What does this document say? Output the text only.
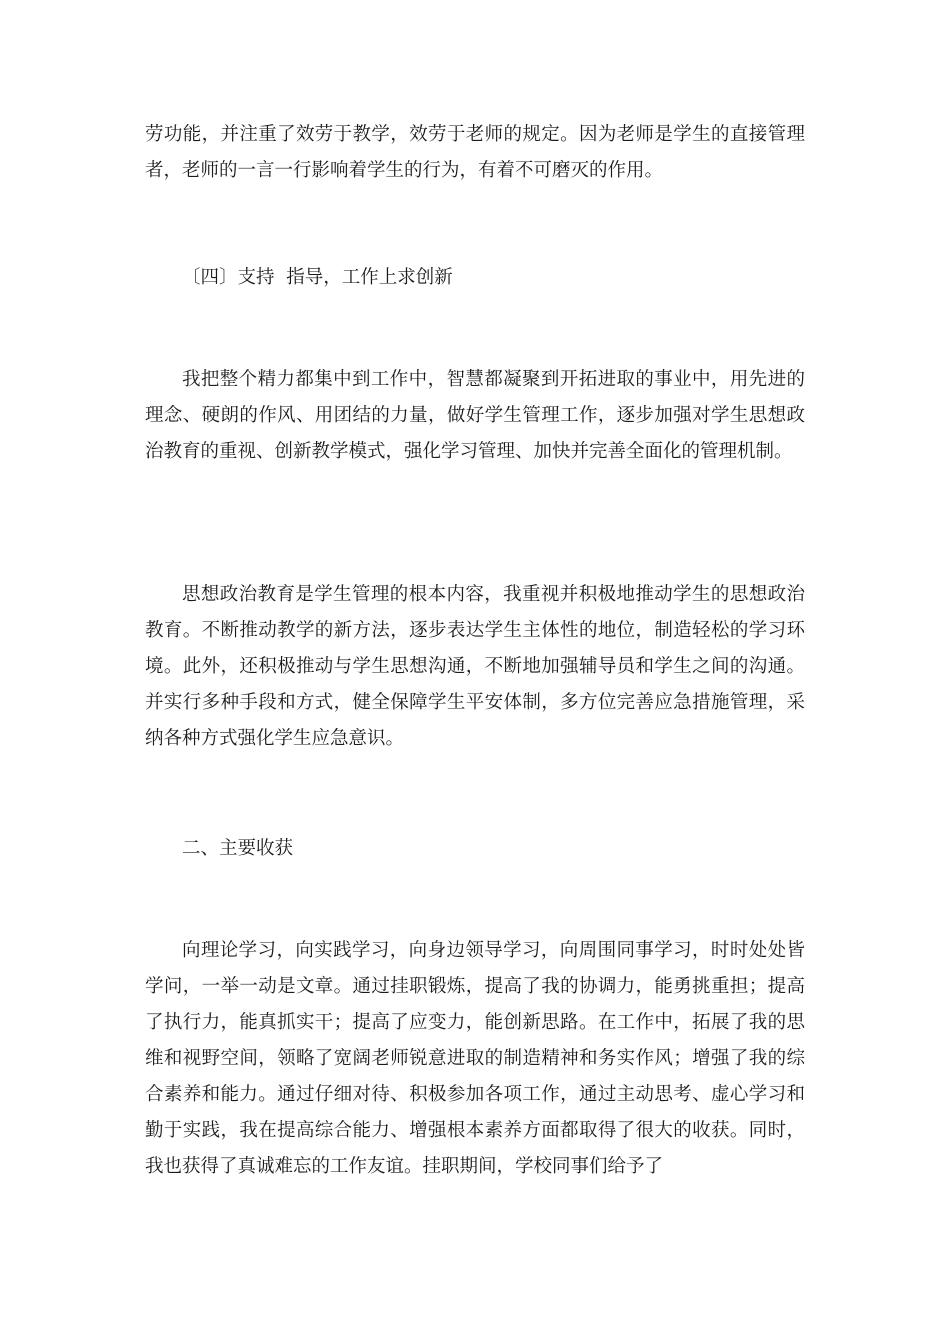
劳功能，并注重了效劳于教学，效劳于老师的规定。因为老师是学生的直接管理者，老师的一言一行影响着学生的行为，有着不可磨灭的作用。

〔四〕支持  指导，工作上求创新

我把整个精力都集中到工作中，智慧都凝聚到开拓进取的事业中，用先进的理念、硬朗的作风、用团结的力量，做好学生管理工作，逐步加强对学生思想政治教育的重视、创新教学模式，强化学习管理、加快并完善全面化的管理机制。

思想政治教育是学生管理的根本内容，我重视并积极地推动学生的思想政治教育。不断推动教学的新方法，逐步表达学生主体性的地位，制造轻松的学习环境。此外，还积极推动与学生思想沟通，不断地加强辅导员和学生之间的沟通。并实行多种手段和方式，健全保障学生平安体制，多方位完善应急措施管理，采纳各种方式强化学生应急意识。

二、主要收获

向理论学习，向实践学习，向身边领导学习，向周围同事学习，时时处处皆学问，一举一动是文章。通过挂职锻炼，提高了我的协调力，能勇挑重担；提高了执行力，能真抓实干；提高了应变力，能创新思路。在工作中，拓展了我的思维和视野空间，领略了宽阔老师锐意进取的制造精神和务实作风；增强了我的综合素养和能力。通过仔细对待、积极参加各项工作，通过主动思考、虚心学习和勤于实践，我在提高综合能力、增强根本素养方面都取得了很大的收获。同时，我也获得了真诚难忘的工作友谊。挂职期间，学校同事们给予了
